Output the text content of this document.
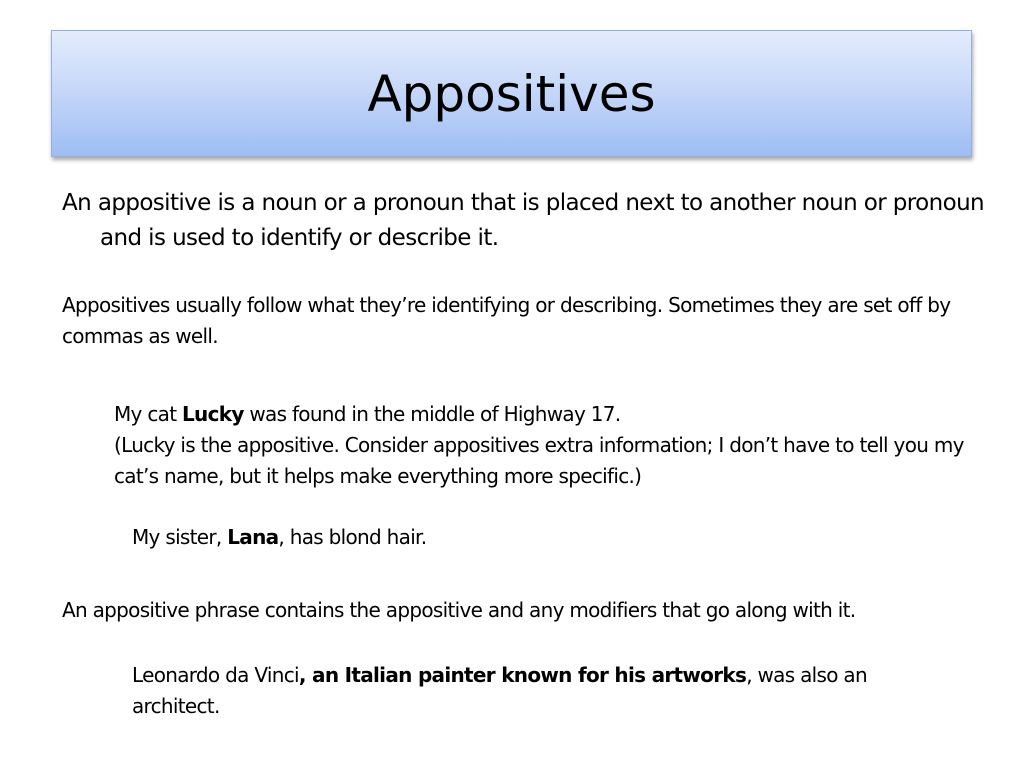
Appositives
An appositive is a noun or a pronoun that is placed next to another noun or pronoun and is used to identify or describe it.
Appositives usually follow what they’re identifying or describing. Sometimes they are set off by commas as well.
My cat Lucky was found in the middle of Highway 17.
(Lucky is the appositive. Consider appositives extra information; I don’t have to tell you my cat’s name, but it helps make everything more specific.)
My sister, Lana, has blond hair.
An appositive phrase contains the appositive and any modifiers that go along with it.
Leonardo da Vinci, an Italian painter known for his artworks, was also an architect.
